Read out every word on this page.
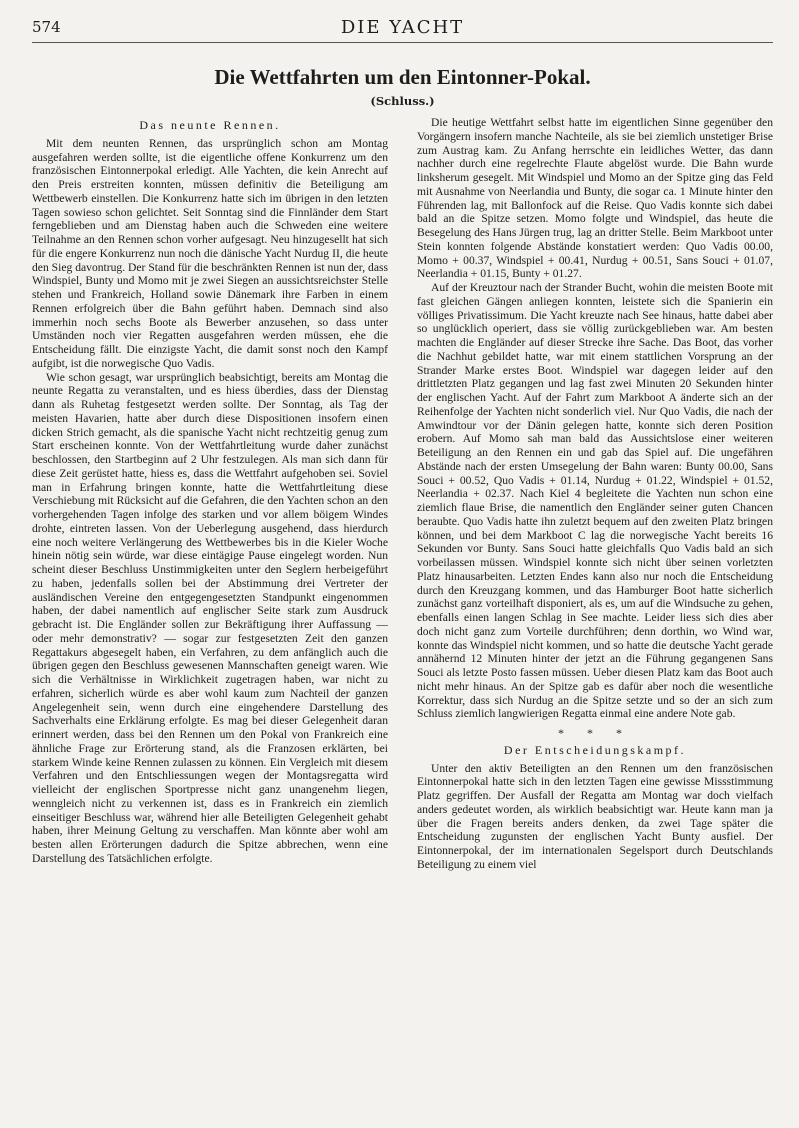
574	DIE YACHT
Die Wettfahrten um den Eintonner-Pokal.
(Schluss.)
Das neunte Rennen.

Mit dem neunten Rennen, das ursprünglich schon am Montag ausgefahren werden sollte, ist die eigentliche offene Konkurrenz um den französischen Eintonnerpokal erledigt. Alle Yachten, die kein Anrecht auf den Preis erstreiten konnten, müssen definitiv die Beteiligung am Wettbewerb einstellen. Die Konkurrenz hatte sich im übrigen in den letzten Tagen sowieso schon gelichtet. Seit Sonntag sind die Finnländer dem Start ferngeblieben und am Dienstag haben auch die Schweden eine weitere Teilnahme an den Rennen schon vorher aufgesagt. Neu hinzugesellt hat sich für die engere Konkurrenz nun noch die dänische Yacht Nurdug II, die heute den Sieg davontrug. Der Stand für die beschränkten Rennen ist nun der, dass Windspiel, Bunty und Momo mit je zwei Siegen an aussichtsreichster Stelle stehen und Frankreich, Holland sowie Dänemark ihre Farben in einem Rennen erfolgreich über die Bahn geführt haben. Demnach sind also immerhin noch sechs Boote als Bewerber anzusehen, so dass unter Umständen noch vier Regatten ausgefahren werden müssen, ehe die Entscheidung fällt. Die einzigste Yacht, die damit sonst noch den Kampf aufgibt, ist die norwegische Quo Vadis.

Wie schon gesagt, war ursprünglich beabsichtigt, bereits am Montag die neunte Regatta zu veranstalten, und es hiess überdies, dass der Dienstag dann als Ruhetag festgesetzt werden sollte. Der Sonntag, als Tag der meisten Havarien, hatte aber durch diese Dispositionen insofern einen dicken Strich gemacht, als die spanische Yacht nicht rechtzeitig genug zum Start erscheinen konnte. Von der Wettfahrtleitung wurde daher zunächst beschlossen, den Startbeginn auf 2 Uhr festzulegen. Als man sich dann für diese Zeit gerüstet hatte, hiess es, dass die Wettfahrt aufgehoben sei. Soviel man in Erfahrung bringen konnte, hatte die Wettfahrtleitung diese Verschiebung mit Rücksicht auf die Gefahren, die den Yachten schon an den vorhergehenden Tagen infolge des starken und vor allem böigem Windes drohte, eintreten lassen. Von der Ueberlegung ausgehend, dass hierdurch eine noch weitere Verlängerung des Wettbewerbes bis in die Kieler Woche hinein nötig sein würde, war diese eintägige Pause eingelegt worden. Nun scheint dieser Beschluss Unstimmigkeiten unter den Seglern herbeigeführt zu haben, jedenfalls sollen bei der Abstimmung drei Vertreter der ausländischen Vereine den entgegengesetzten Standpunkt eingenommen haben, der dabei namentlich auf englischer Seite stark zum Ausdruck gebracht ist. Die Engländer sollen zur Bekräftigung ihrer Auffassung — oder mehr demonstrativ? — sogar zur festgesetzten Zeit den ganzen Regattakurs abgesegelt haben, ein Verfahren, zu dem anfänglich auch die übrigen gegen den Beschluss gewesenen Mannschaften geneigt waren. Wie sich die Verhältnisse in Wirklichkeit zugetragen haben, war nicht zu erfahren, sicherlich würde es aber wohl kaum zum Nachteil der ganzen Angelegenheit sein, wenn durch eine eingehendere Darstellung des Sachverhalts eine Erklärung erfolgte. Es mag bei dieser Gelegenheit daran erinnert werden, dass bei den Rennen um den Pokal von Frankreich eine ähnliche Frage zur Erörterung stand, als die Franzosen erklärten, bei starkem Winde keine Rennen zulassen zu können. Ein Vergleich mit diesem Verfahren und den Entschliessungen wegen der Montagsregatta wird vielleicht der englischen Sportpresse nicht ganz unangenehm liegen, wenngleich nicht zu verkennen ist, dass es in Frankreich ein ziemlich einseitiger Beschluss war, während hier alle Beteiligten Gelegenheit gehabt haben, ihrer Meinung Geltung zu verschaffen. Man könnte aber wohl am besten allen Erörterungen dadurch die Spitze abbrechen, wenn eine Darstellung des Tatsächlichen erfolgte.

Die heutige Wettfahrt selbst hatte im eigentlichen Sinne gegenüber den Vorgängern insofern manche Nachteile, als sie bei ziemlich unstetiger Brise zum Austrag kam. Zu Anfang herrschte ein leidliches Wetter, das dann nachher durch eine regelrechte Flaute abgelöst wurde. Die Bahn wurde linksherum gesegelt. Mit Windspiel und Momo an der Spitze ging das Feld mit Ausnahme von Neerlandia und Bunty, die sogar ca. 1 Minute hinter den Führenden lag, mit Ballonfock auf die Reise. Quo Vadis konnte sich dabei bald an die Spitze setzen. Momo folgte und Windspiel, das heute die Besegelung des Hans Jürgen trug, lag an dritter Stelle. Beim Markboot unter Stein konnten folgende Abstände konstatiert werden: Quo Vadis 00.00, Momo + 00.37, Windspiel + 00.41, Nurdug + 00.51, Sans Souci + 01.07, Neerlandia + 01.15, Bunty + 01.27.

Auf der Kreuztour nach der Strander Bucht, wohin die meisten Boote mit fast gleichen Gängen anliegen konnten, leistete sich die Spanierin ein völliges Privatissimum. Die Yacht kreuzte nach See hinaus, hatte dabei aber so unglücklich operiert, dass sie völlig zurückgeblieben war. Am besten machten die Engländer auf dieser Strecke ihre Sache. Das Boot, das vorher die Nachhut gebildet hatte, war mit einem stattlichen Vorsprung an der Strander Marke erstes Boot. Windspiel war dagegen leider auf den drittletzten Platz gegangen und lag fast zwei Minuten 20 Sekunden hinter der englischen Yacht. Auf der Fahrt zum Markboot A änderte sich an der Reihenfolge der Yachten nicht sonderlich viel. Nur Quo Vadis, die nach der Amwindtour vor der Dänin gelegen hatte, konnte sich deren Position erobern. Auf Momo sah man bald das Aussichtslose einer weiteren Beteiligung an den Rennen ein und gab das Spiel auf. Die ungefähren Abstände nach der ersten Umsegelung der Bahn waren: Bunty 00.00, Sans Souci + 00.52, Quo Vadis + 01.14, Nurdug + 01.22, Windspiel + 01.52, Neerlandia + 02.37. Nach Kiel 4 begleitete die Yachten nun schon eine ziemlich flaue Brise, die namentlich den Engländer seiner guten Chancen beraubte. Quo Vadis hatte ihn zuletzt bequem auf den zweiten Platz bringen können, und bei dem Markboot C lag die norwegische Yacht bereits 16 Sekunden vor Bunty. Sans Souci hatte gleichfalls Quo Vadis bald an sich vorbeilassen müssen. Windspiel konnte sich nicht über seinen vorletzten Platz hinausarbeiten. Letzten Endes kann also nur noch die Entscheidung durch den Kreuzgang kommen, und das Hamburger Boot hatte sicherlich zunächst ganz vorteilhaft disponiert, als es, um auf die Windsuche zu gehen, ebenfalls einen langen Schlag in See machte. Leider liess sich dies aber doch nicht ganz zum Vorteile durchführen; denn dorthin, wo Wind war, konnte das Windspiel nicht kommen, und so hatte die deutsche Yacht gerade annähernd 12 Minuten hinter der jetzt an die Führung gegangenen Sans Souci als letzte Posto fassen müssen. Ueber diesen Platz kam das Boot auch nicht mehr hinaus. An der Spitze gab es dafür aber noch die wesentliche Korrektur, dass sich Nurdug an die Spitze setzte und so der an sich zum Schluss ziemlich langwierigen Regatta einmal eine andere Note gab.

* * *
Der Entscheidungskampf.

Unter den aktiv Beteiligten an den Rennen um den französischen Eintonnerpokal hatte sich in den letzten Tagen eine gewisse Missstimmung Platz gegriffen. Der Ausfall der Regatta am Montag war doch vielfach anders gedeutet worden, als wirklich beabsichtigt war. Heute kann man ja über die Fragen bereits anders denken, da zwei Tage später die Entscheidung zugunsten der englischen Yacht Bunty ausfiel. Der Eintonnerpokal, der im internationalen Segelsport durch Deutschlands Beteiligung zu einem viel
